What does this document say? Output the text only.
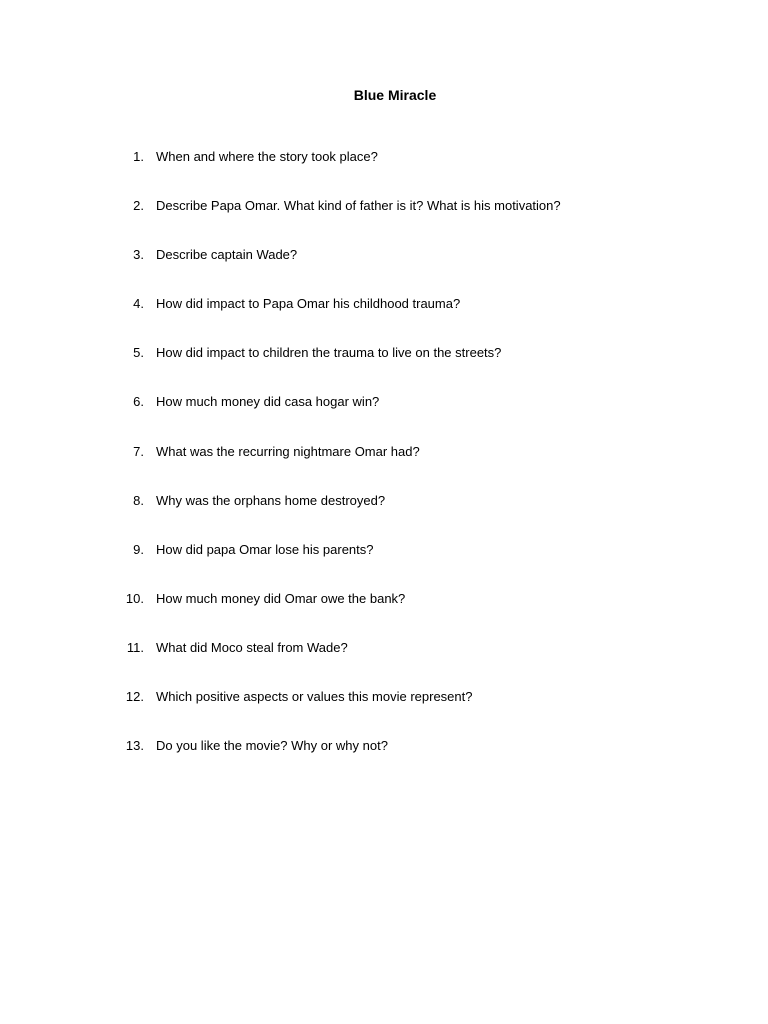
Blue Miracle
1. When and where the story took place?
2. Describe Papa Omar. What kind of father is it? What is his motivation?
3. Describe captain Wade?
4. How did impact to Papa Omar his childhood trauma?
5. How did impact to children the trauma to live on the streets?
6. How much money did casa hogar win?
7. What was the recurring nightmare Omar had?
8. Why was the orphans home destroyed?
9. How did papa Omar lose his parents?
10. How much money did Omar owe the bank?
11. What did Moco steal from Wade?
12. Which positive aspects or values this movie represent?
13. Do you like the movie? Why or why not?
